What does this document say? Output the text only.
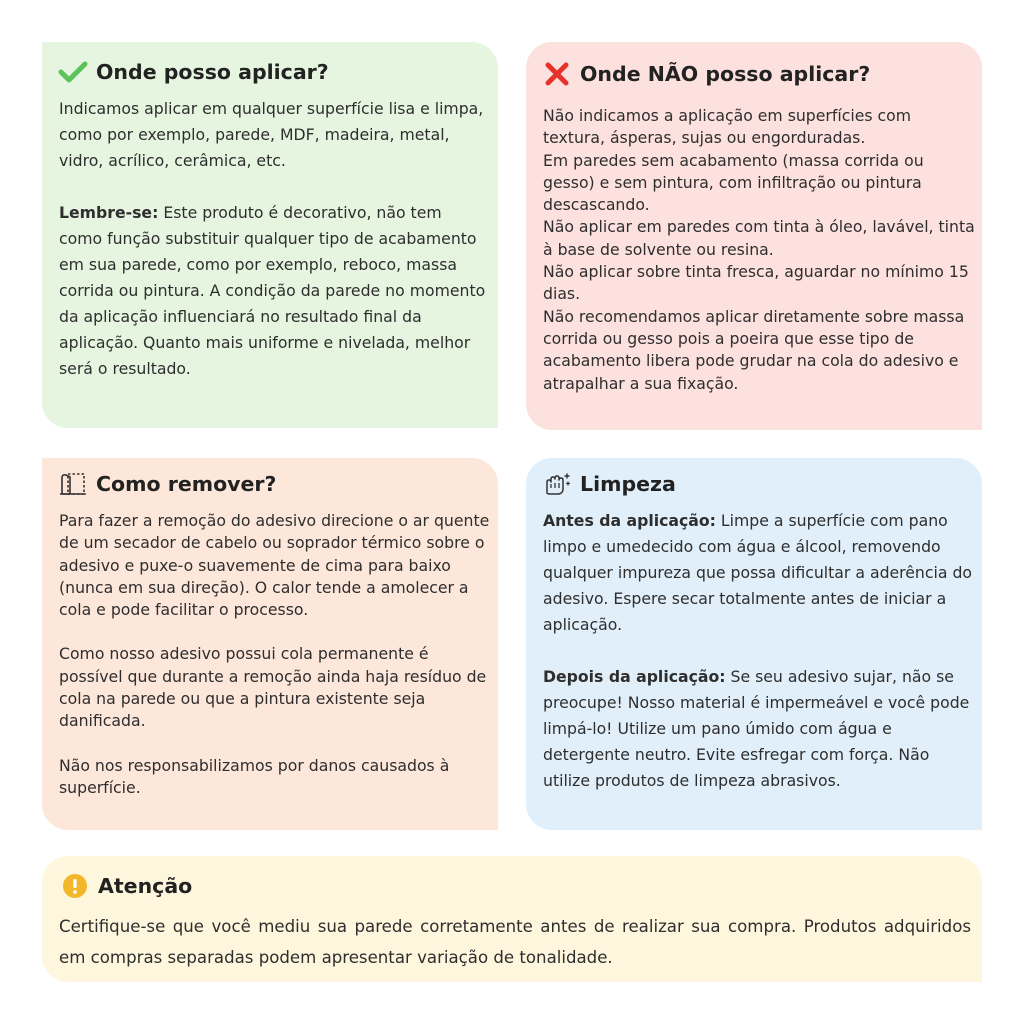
Onde posso aplicar?

Indicamos aplicar em qualquer superfície lisa e limpa, como por exemplo, parede, MDF, madeira, metal, vidro, acrílico, cerâmica, etc.

Lembre-se: Este produto é decorativo, não tem como função substituir qualquer tipo de acabamento em sua parede, como por exemplo, reboco, massa corrida ou pintura. A condição da parede no momento da aplicação influenciará no resultado final da aplicação. Quanto mais uniforme e nivelada, melhor será o resultado.

Onde NÃO posso aplicar?

Não indicamos a aplicação em superfícies com textura, ásperas, sujas ou engorduradas.

Em paredes sem acabamento (massa corrida ou gesso) e sem pintura, com infiltração ou pintura descascando.

Não aplicar em paredes com tinta à óleo, lavável, tinta à base de solvente ou resina.

Não aplicar sobre tinta fresca, aguardar no mínimo 15 dias.

Não recomendamos aplicar diretamente sobre massa corrida ou gesso pois a poeira que esse tipo de acabamento libera pode grudar na cola do adesivo e atrapalhar a sua fixação.

Como remover?

Para fazer a remoção do adesivo direcione o ar quente de um secador de cabelo ou soprador térmico sobre o adesivo e puxe-o suavemente de cima para baixo (nunca em sua direção). O calor tende a amolecer a cola e pode facilitar o processo.

Como nosso adesivo possui cola permanente é possível que durante a remoção ainda haja resíduo de cola na parede ou que a pintura existente seja danificada.

Não nos responsabilizamos por danos causados à superfície.

Limpeza

Antes da aplicação: Limpe a superfície com pano limpo e umedecido com água e álcool, removendo qualquer impureza que possa dificultar a aderência do adesivo. Espere secar totalmente antes de iniciar a aplicação.

Depois da aplicação: Se seu adesivo sujar, não se preocupe! Nosso material é impermeável e você pode limpá-lo! Utilize um pano úmido com água e detergente neutro. Evite esfregar com força. Não utilize produtos de limpeza abrasivos.

Atenção
Certifique-se que você mediu sua parede corretamente antes de realizar sua compra. Produtos adquiridos em compras separadas podem apresentar variação de tonalidade.
